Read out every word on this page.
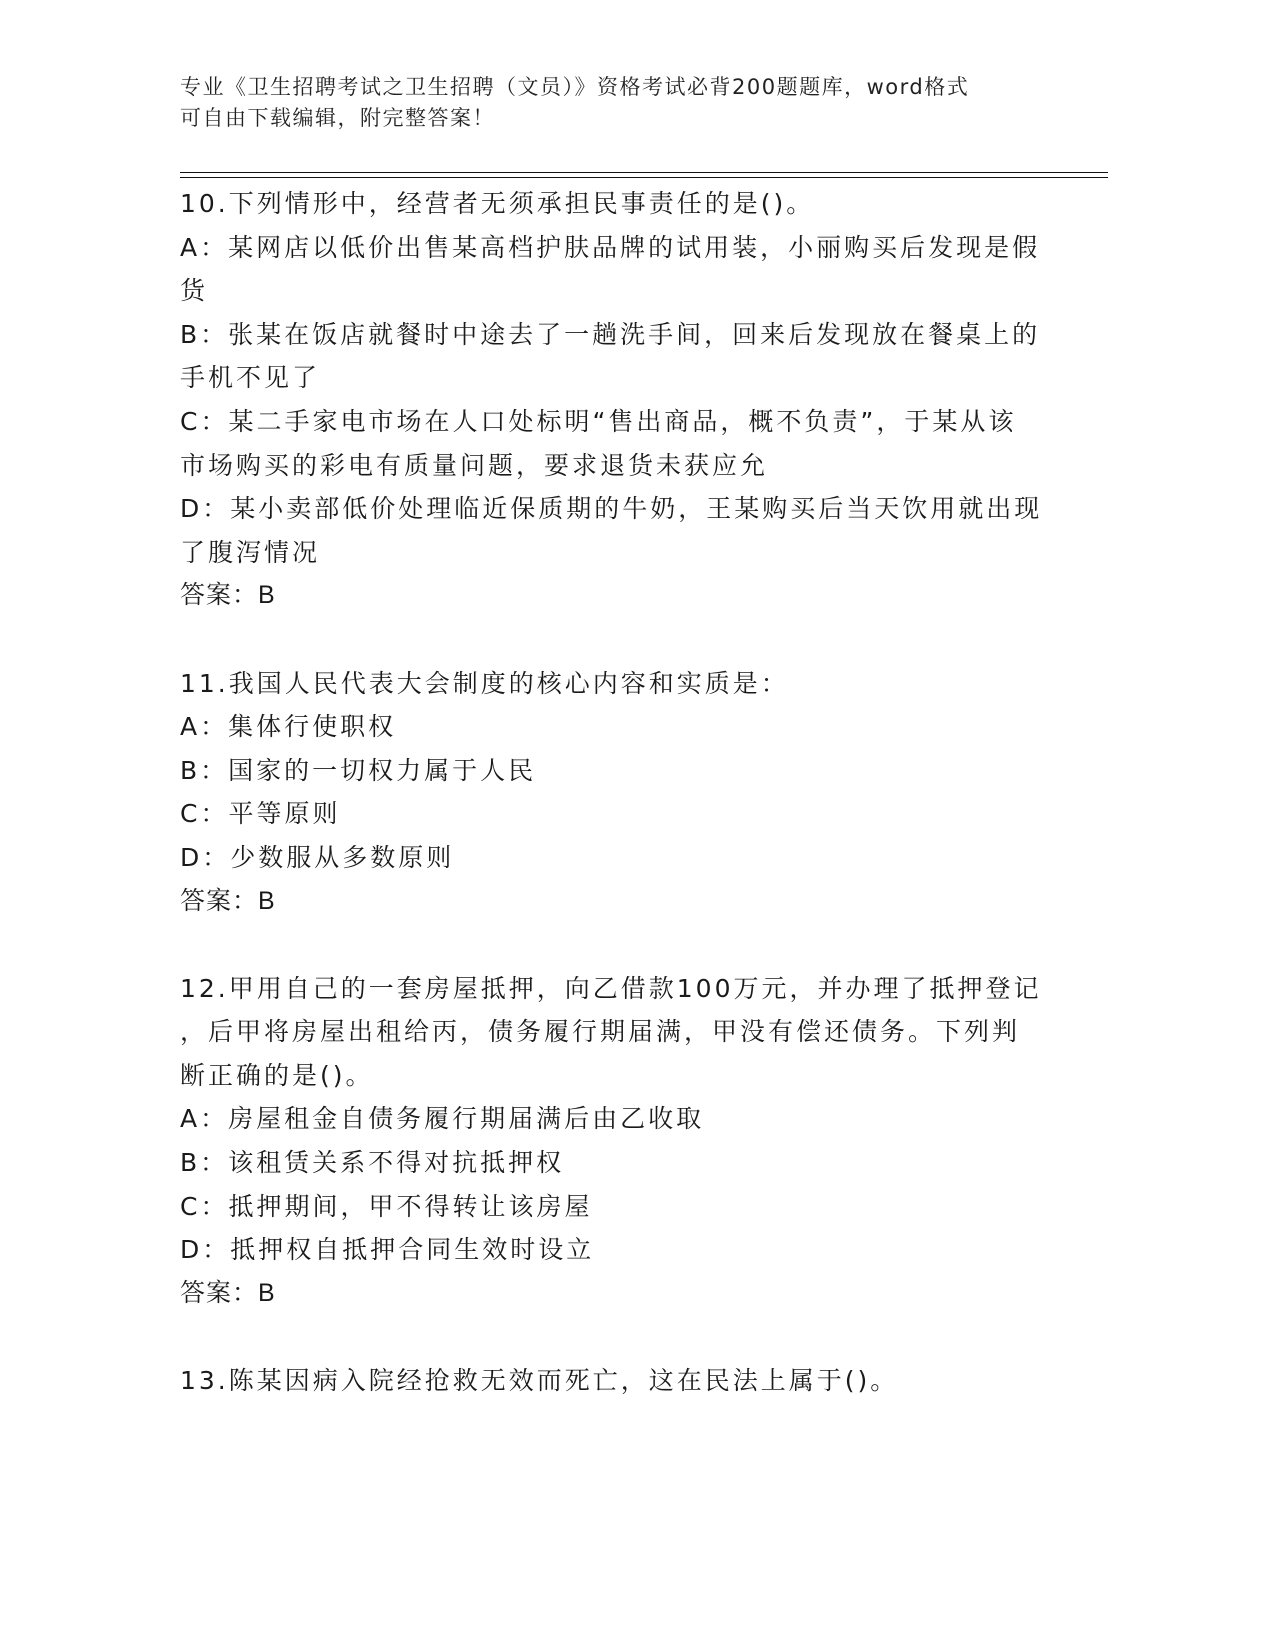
专业《卫生招聘考试之卫生招聘（文员）》资格考试必背200题题库，word格式
可自由下载编辑，附完整答案！
10.下列情形中，经营者无须承担民事责任的是()。
A：某网店以低价出售某高档护肤品牌的试用装，小丽购买后发现是假
货
B：张某在饭店就餐时中途去了一趟洗手间，回来后发现放在餐桌上的
手机不见了
C：某二手家电市场在人口处标明“售出商品，概不负责”，于某从该
市场购买的彩电有质量问题，要求退货未获应允
D：某小卖部低价处理临近保质期的牛奶，王某购买后当天饮用就出现
了腹泻情况
答案：B
11.我国人民代表大会制度的核心内容和实质是：
A：集体行使职权
B：国家的一切权力属于人民
C：平等原则
D：少数服从多数原则
答案：B
12.甲用自己的一套房屋抵押，向乙借款100万元，并办理了抵押登记
，后甲将房屋出租给丙，债务履行期届满，甲没有偿还债务。下列判
断正确的是()。
A：房屋租金自债务履行期届满后由乙收取
B：该租赁关系不得对抗抵押权
C：抵押期间，甲不得转让该房屋
D：抵押权自抵押合同生效时设立
答案：B
13.陈某因病入院经抢救无效而死亡，这在民法上属于()。
